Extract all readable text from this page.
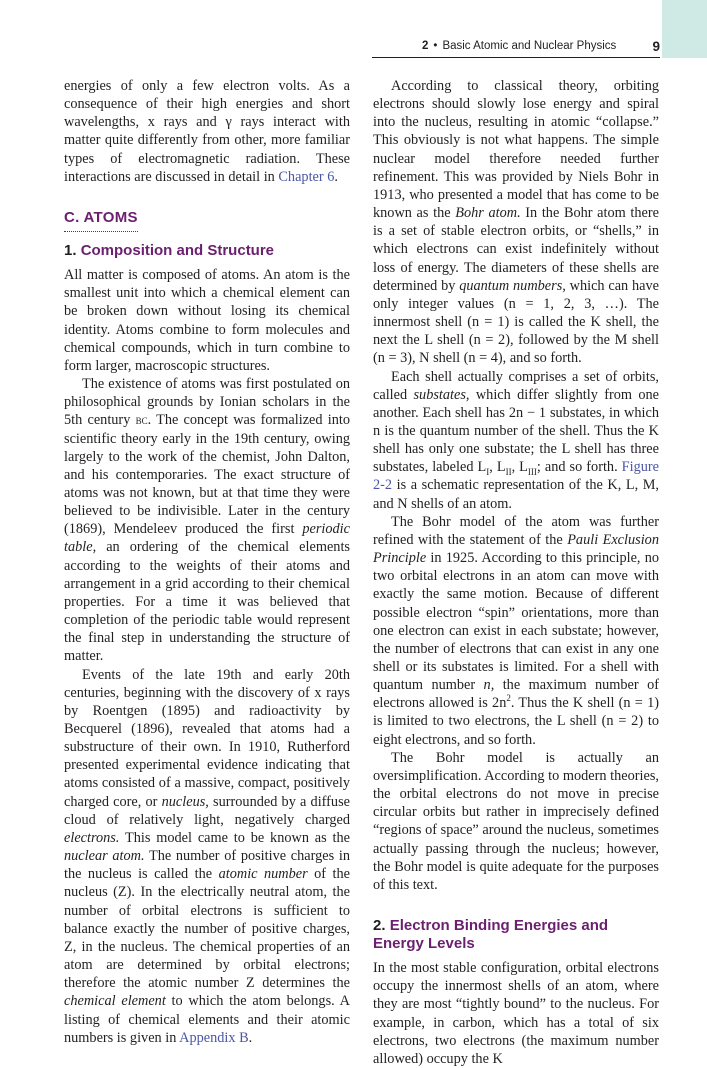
2 • Basic Atomic and Nuclear Physics	9

energies of only a few electron volts. As a consequence of their high energies and short wavelengths, x rays and γ rays interact with matter quite differently from other, more familiar types of electromagnetic radiation. These interactions are discussed in detail in Chapter 6.

C. ATOMS
1. Composition and Structure

All matter is composed of atoms. An atom is the smallest unit into which a chemical element can be broken down without losing its chemical identity. Atoms combine to form molecules and chemical compounds, which in turn combine to form larger, macroscopic structures.

The existence of atoms was first postulated on philosophical grounds by Ionian scholars in the 5th century bc. The concept was formalized into scientific theory early in the 19th century, owing largely to the work of the chemist, John Dalton, and his contemporaries. The exact structure of atoms was not known, but at that time they were believed to be indivisible. Later in the century (1869), Mendeleev produced the first periodic table, an ordering of the chemical elements according to the weights of their atoms and arrangement in a grid according to their chemical properties. For a time it was believed that completion of the periodic table would represent the final step in understanding the structure of matter.

Events of the late 19th and early 20th centuries, beginning with the discovery of x rays by Roentgen (1895) and radioactivity by Becquerel (1896), revealed that atoms had a substructure of their own. In 1910, Rutherford presented experimental evidence indicating that atoms consisted of a massive, compact, positively charged core, or nucleus, surrounded by a diffuse cloud of relatively light, negatively charged electrons. This model came to be known as the nuclear atom. The number of positive charges in the nucleus is called the atomic number of the nucleus (Z). In the electrically neutral atom, the number of orbital electrons is sufficient to balance exactly the number of positive charges, Z, in the nucleus. The chemical properties of an atom are determined by orbital electrons; therefore the atomic number Z determines the chemical element to which the atom belongs. A listing of chemical elements and their atomic numbers is given in Appendix B.

According to classical theory, orbiting electrons should slowly lose energy and spiral into the nucleus, resulting in atomic “collapse.” This obviously is not what happens. The simple nuclear model therefore needed further refinement. This was provided by Niels Bohr in 1913, who presented a model that has come to be known as the Bohr atom. In the Bohr atom there is a set of stable electron orbits, or “shells,” in which electrons can exist indefinitely without loss of energy. The diameters of these shells are determined by quantum numbers, which can have only integer values (n = 1, 2, 3, …). The innermost shell (n = 1) is called the K shell, the next the L shell (n = 2), followed by the M shell (n = 3), N shell (n = 4), and so forth.

Each shell actually comprises a set of orbits, called substates, which differ slightly from one another. Each shell has 2n − 1 substates, in which n is the quantum number of the shell. Thus the K shell has only one substate; the L shell has three substates, labeled $L_I$, $L_{II}$, $L_{III}$; and so forth. Figure 2-2 is a schematic representation of the K, L, M, and N shells of an atom.

The Bohr model of the atom was further refined with the statement of the Pauli Exclusion Principle in 1925. According to this principle, no two orbital electrons in an atom can move with exactly the same motion. Because of different possible electron “spin” orientations, more than one electron can exist in each substate; however, the number of electrons that can exist in any one shell or its substates is limited. For a shell with quantum number n, the maximum number of electrons allowed is $2n^2$. Thus the K shell (n = 1) is limited to two electrons, the L shell (n = 2) to eight electrons, and so forth.

The Bohr model is actually an oversimplification. According to modern theories, the orbital electrons do not move in precise circular orbits but rather in imprecisely defined “regions of space” around the nucleus, sometimes actually passing through the nucleus; however, the Bohr model is quite adequate for the purposes of this text.

2. Electron Binding Energies and Energy Levels

In the most stable configuration, orbital electrons occupy the innermost shells of an atom, where they are most “tightly bound” to the nucleus. For example, in carbon, which has a total of six electrons, two electrons (the maximum number allowed) occupy the K
